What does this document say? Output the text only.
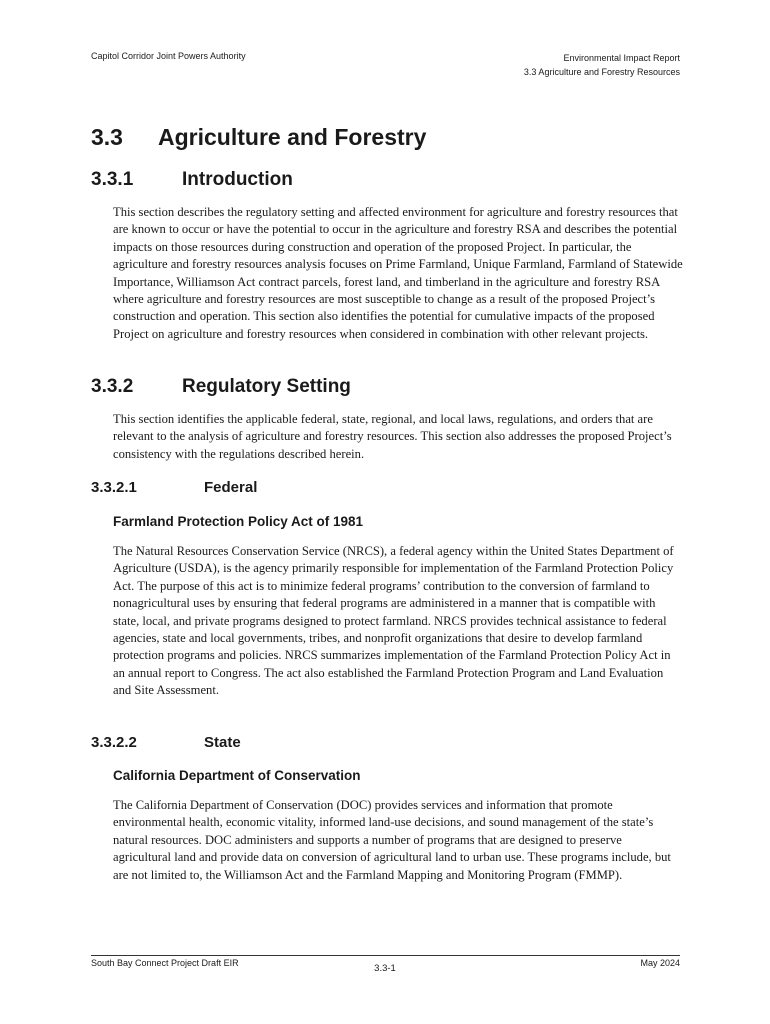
Capitol Corridor Joint Powers Authority	Environmental Impact Report
3.3 Agriculture and Forestry Resources
3.3 Agriculture and Forestry
3.3.1	Introduction

This section describes the regulatory setting and affected environment for agriculture and forestry resources that are known to occur or have the potential to occur in the agriculture and forestry RSA and describes the potential impacts on those resources during construction and operation of the proposed Project. In particular, the agriculture and forestry resources analysis focuses on Prime Farmland, Unique Farmland, Farmland of Statewide Importance, Williamson Act contract parcels, forest land, and timberland in the agriculture and forestry RSA where agriculture and forestry resources are most susceptible to change as a result of the proposed Project’s construction and operation. This section also identifies the potential for cumulative impacts of the proposed Project on agriculture and forestry resources when considered in combination with other relevant projects.

3.3.2	Regulatory Setting

This section identifies the applicable federal, state, regional, and local laws, regulations, and orders that are relevant to the analysis of agriculture and forestry resources. This section also addresses the proposed Project’s consistency with the regulations described herein.

3.3.2.1	Federal
Farmland Protection Policy Act of 1981

The Natural Resources Conservation Service (NRCS), a federal agency within the United States Department of Agriculture (USDA), is the agency primarily responsible for implementation of the Farmland Protection Policy Act. The purpose of this act is to minimize federal programs’ contribution to the conversion of farmland to nonagricultural uses by ensuring that federal programs are administered in a manner that is compatible with state, local, and private programs designed to protect farmland. NRCS provides technical assistance to federal agencies, state and local governments, tribes, and nonprofit organizations that desire to develop farmland protection programs and policies. NRCS summarizes implementation of the Farmland Protection Policy Act in an annual report to Congress. The act also established the Farmland Protection Program and Land Evaluation and Site Assessment.

3.3.2.2	State
California Department of Conservation

The California Department of Conservation (DOC) provides services and information that promote environmental health, economic vitality, informed land-use decisions, and sound management of the state’s natural resources. DOC administers and supports a number of programs that are designed to preserve agricultural land and provide data on conversion of agricultural land to urban use. These programs include, but are not limited to, the Williamson Act and the Farmland Mapping and Monitoring Program (FMMP).

South Bay Connect Project Draft EIR	3.3-1	May 2024
